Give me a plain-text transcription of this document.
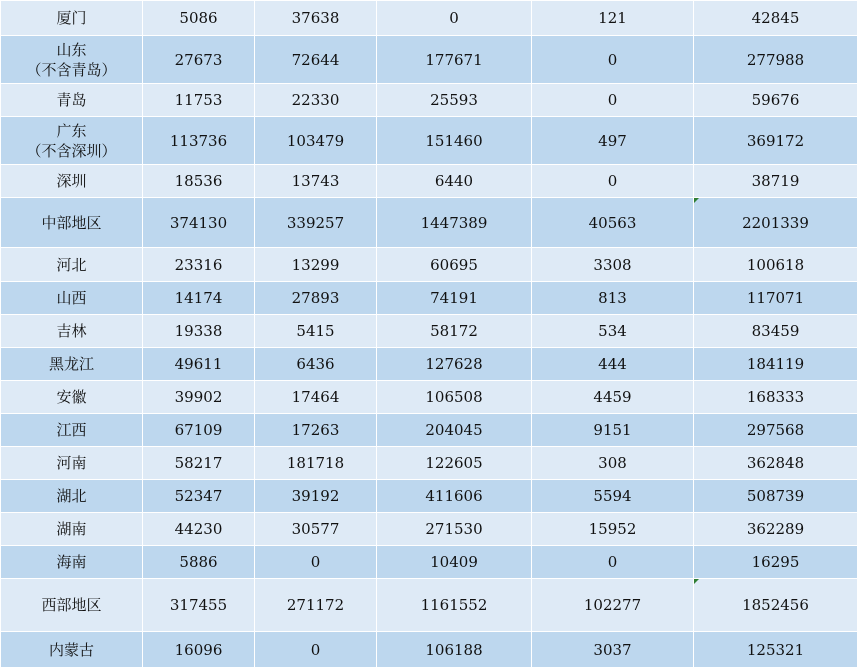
厦门	5086	37638	0	121	42845

山东
（不含青岛）	27673	72644	177671	0	277988
青岛	11753	22330	25593	0	59676

广东
（不含深圳）	113736	103479	151460	497	369172
深圳	18536	13743	6440	0	38719
中部地区	374130	339257	1447389	40563	2201339
河北	23316	13299	60695	3308	100618
山西	14174	27893	74191	813	117071
吉林	19338	5415	58172	534	83459
黑龙江	49611	6436	127628	444	184119
安徽	39902	17464	106508	4459	168333
江西	67109	17263	204045	9151	297568
河南	58217	181718	122605	308	362848
湖北	52347	39192	411606	5594	508739
湖南	44230	30577	271530	15952	362289
海南	5886	0	10409	0	16295
西部地区	317455	271172	1161552	102277	1852456
内蒙古	16096	0	106188	3037	125321
